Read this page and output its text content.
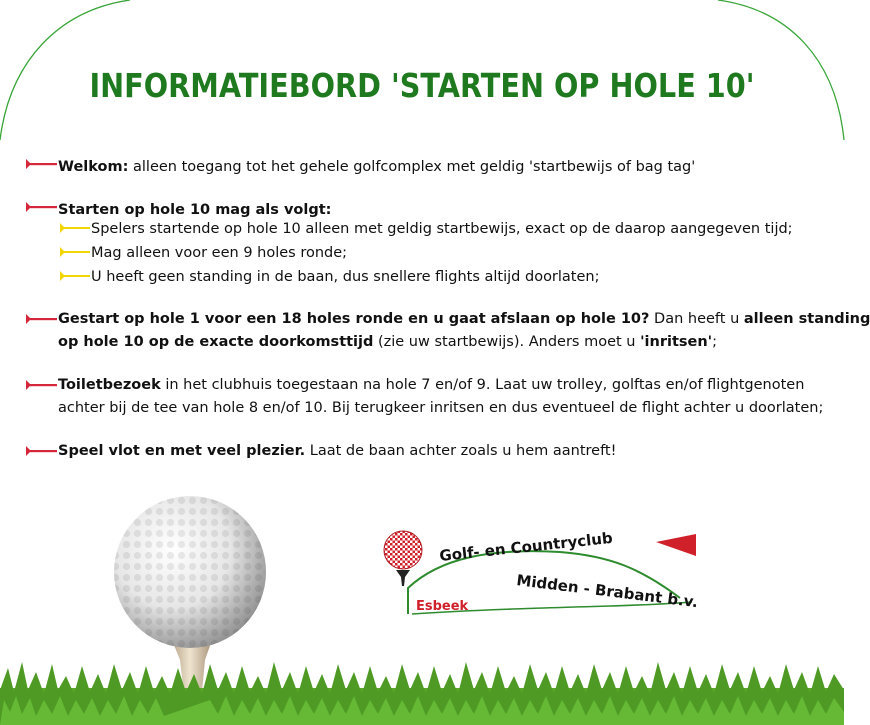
INFORMATIEBORD 'STARTEN OP HOLE 10'
Welkom: alleen toegang tot het gehele golfcomplex met geldig 'startbewijs of bag tag'
Starten op hole 10 mag als volgt:
Spelers startende op hole 10 alleen met geldig startbewijs, exact op de daarop aangegeven tijd;
Mag alleen voor een 9 holes ronde;
U heeft geen standing in de baan, dus snellere flights altijd doorlaten;
Gestart op hole 1 voor een 18 holes ronde en u gaat afslaan op hole 10? Dan heeft u alleen standing
op hole 10 op de exacte doorkomsttijd (zie uw startbewijs). Anders moet u 'inritsen';
Toiletbezoek in het clubhuis toegestaan na hole 7 en/of 9. Laat uw trolley, golftas en/of flightgenoten
achter bij de tee van hole 8 en/of 10. Bij terugkeer inritsen en dus eventueel de flight achter u doorlaten;
Speel vlot en met veel plezier. Laat de baan achter zoals u hem aantreft!
Golf- en Countryclub
Midden - Brabant b.v.
Esbeek
